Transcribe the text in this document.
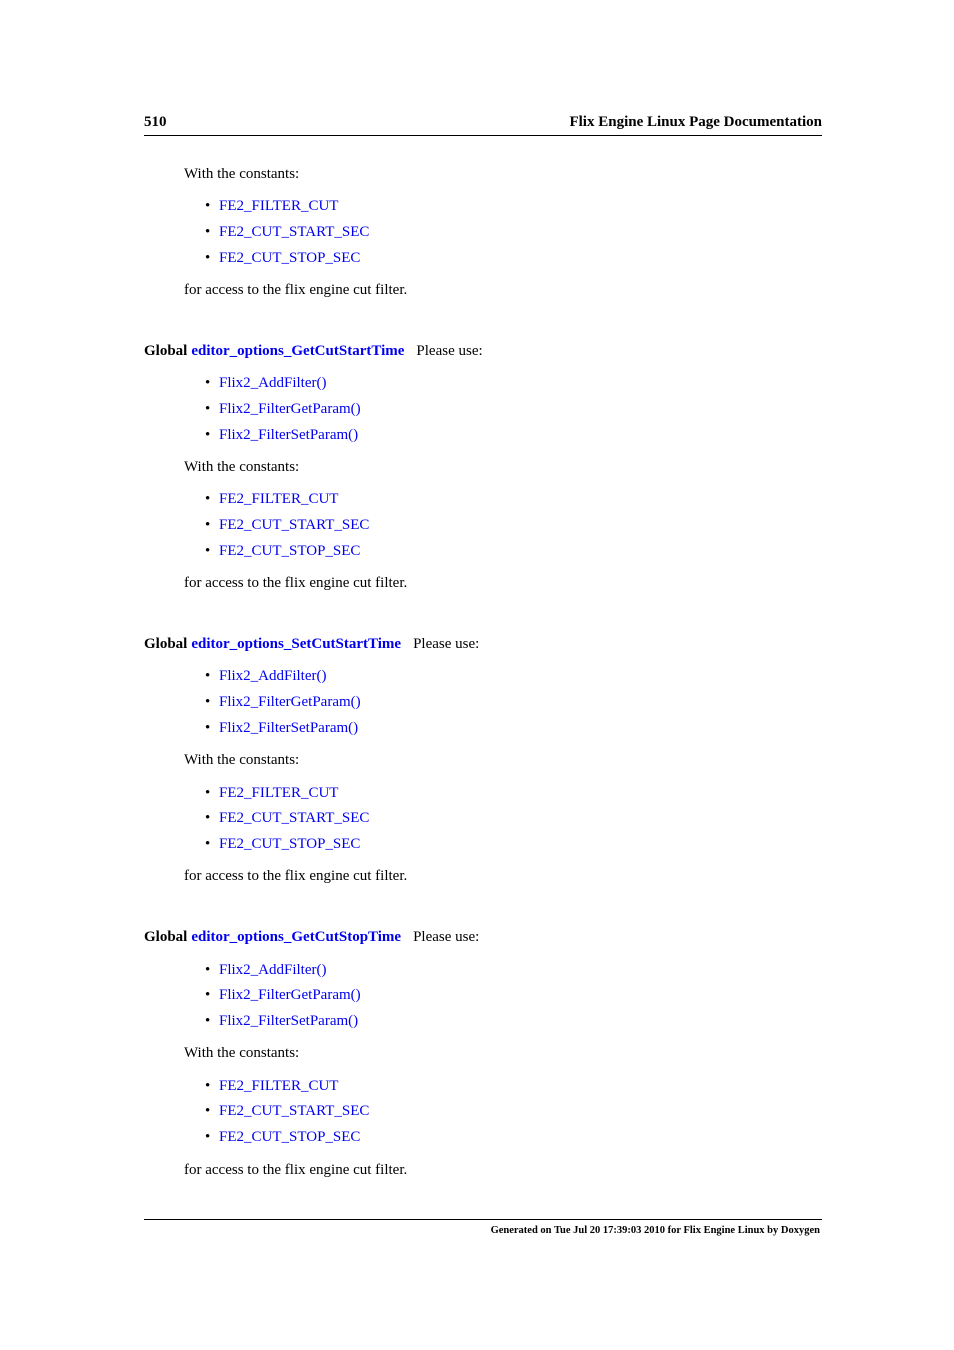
510	Flix Engine Linux Page Documentation
With the constants:
• FE2_FILTER_CUT
• FE2_CUT_START_SEC
• FE2_CUT_STOP_SEC
for access to the flix engine cut filter.
Global editor_options_GetCutStartTime Please use:
• Flix2_AddFilter()
• Flix2_FilterGetParam()
• Flix2_FilterSetParam()
With the constants:
• FE2_FILTER_CUT
• FE2_CUT_START_SEC
• FE2_CUT_STOP_SEC
for access to the flix engine cut filter.
Global editor_options_SetCutStartTime Please use:
• Flix2_AddFilter()
• Flix2_FilterGetParam()
• Flix2_FilterSetParam()
With the constants:
• FE2_FILTER_CUT
• FE2_CUT_START_SEC
• FE2_CUT_STOP_SEC
for access to the flix engine cut filter.
Global editor_options_GetCutStopTime Please use:
• Flix2_AddFilter()
• Flix2_FilterGetParam()
• Flix2_FilterSetParam()
With the constants:
• FE2_FILTER_CUT
• FE2_CUT_START_SEC
• FE2_CUT_STOP_SEC
for access to the flix engine cut filter.
Generated on Tue Jul 20 17:39:03 2010 for Flix Engine Linux by Doxygen
